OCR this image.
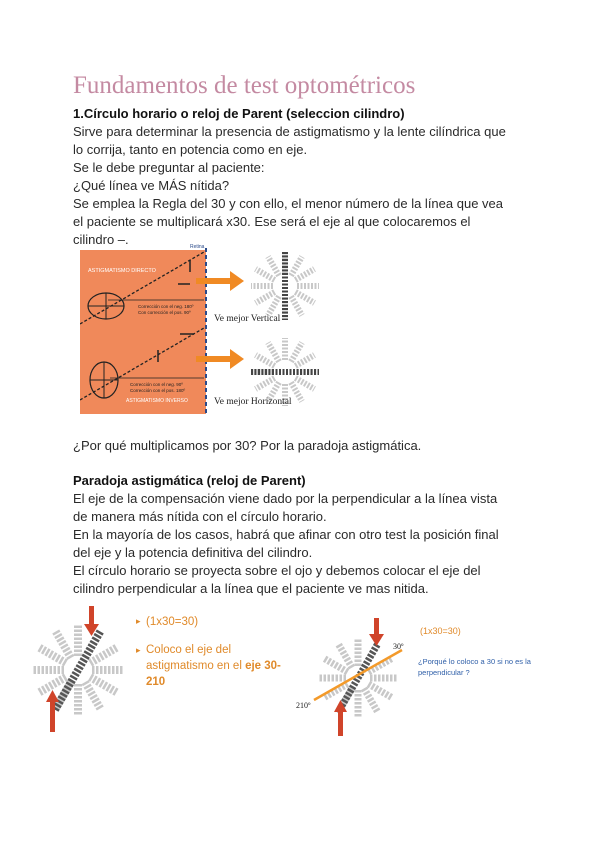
Fundamentos de test optométricos
1.Círculo horario o reloj de Parent (seleccion cilindro)
Sirve para determinar la presencia de astigmatismo y la lente cilíndrica que
lo corrija, tanto en potencia como en eje.
Se le debe preguntar al paciente:
¿Qué línea ve MÁS nítida?
Se emplea la Regla del 30 y con ello, el menor número de la línea que vea
el paciente se multiplicará x30. Ese será el eje al que colocaremos el
cilindro –.	Retina
ASTIGMATISMO DIRECTO
Corrección con el neg. 180º
Con corrección el pos. 90º
Corrección con el neg. 90º
Corrección con el pos. 180º
ASTIGMATISMO INVERSO
Ve mejor Vertical
Ve mejor Horizontal
¿Por qué multiplicamos por 30? Por la paradoja astigmática.
Paradoja astigmática (reloj de Parent)
El eje de la compensación viene dado por la perpendicular a la línea vista
de manera más nítida con el círculo horario.
En la mayoría de los casos, habrá que afinar con otro test la posición final
del eje y la potencia definitiva del cilindro.
El círculo horario se proyecta sobre el ojo y debemos colocar el eje del
cilindro perpendicular a la línea que el paciente ve mas nitida.
▸ (1x30=30)
▸ Coloco el eje del astigmatismo en el eje 30-210
30º
210º
(1x30=30)
¿Porqué lo coloco a 30 si no es la
perpendicular ?
